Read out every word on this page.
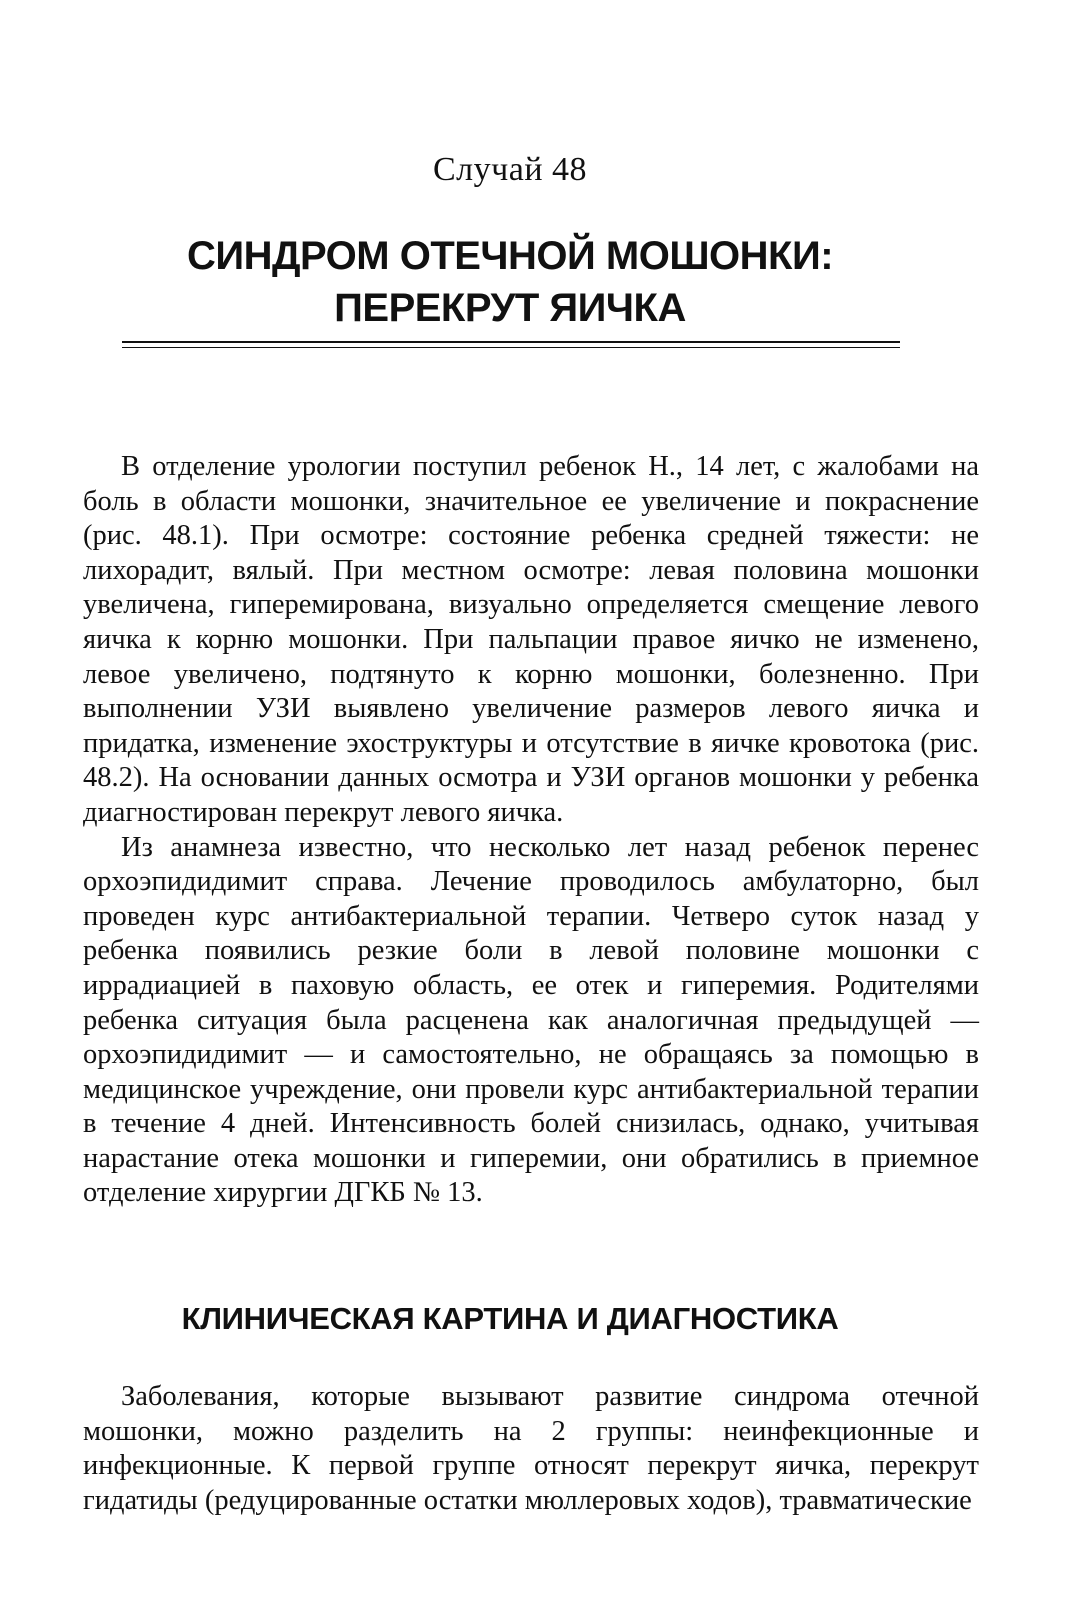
Случай 48
СИНДРОМ ОТЕЧНОЙ МОШОНКИ:
ПЕРЕКРУТ ЯИЧКА

В отделение урологии поступил ребенок Н., 14 лет, с жалобами на боль в области мошонки, значительное ее увеличение и покраснение (рис. 48.1). При осмотре: состояние ребенка средней тяжести: не лихорадит, вялый. При местном осмотре: левая половина мошонки увеличена, гиперемирована, визуально определяется смещение левого яичка к корню мошонки. При пальпации правое яичко не изменено, левое увеличено, подтянуто к корню мошонки, болезненно. При выполнении УЗИ выявлено увеличение размеров левого яичка и придатка, изменение эхоструктуры и отсутствие в яичке кровотока (рис. 48.2). На основании данных осмотра и УЗИ органов мошонки у ребенка диагностирован перекрут левого яичка.

Из анамнеза известно, что несколько лет назад ребенок перенес орхоэпидидимит справа. Лечение проводилось амбулаторно, был проведен курс антибактериальной терапии. Четверо суток назад у ребенка появились резкие боли в левой половине мошонки с иррадиацией в паховую область, ее отек и гиперемия. Родителями ребенка ситуация была расценена как аналогичная предыдущей — орхоэпидидимит — и самостоятельно, не обращаясь за помощью в медицинское учреждение, они провели курс антибактериальной терапии в течение 4 дней. Интенсивность болей снизилась, однако, учитывая нарастание отека мошонки и гиперемии, они обратились в приемное отделение хирургии ДГКБ № 13.

КЛИНИЧЕСКАЯ КАРТИНА И ДИАГНОСТИКА

Заболевания, которые вызывают развитие синдрома отечной мошонки, можно разделить на 2 группы: неинфекционные и инфекционные. К первой группе относят перекрут яичка, перекрут гидатиды (редуцированные остатки мюллеровых ходов), травматические
